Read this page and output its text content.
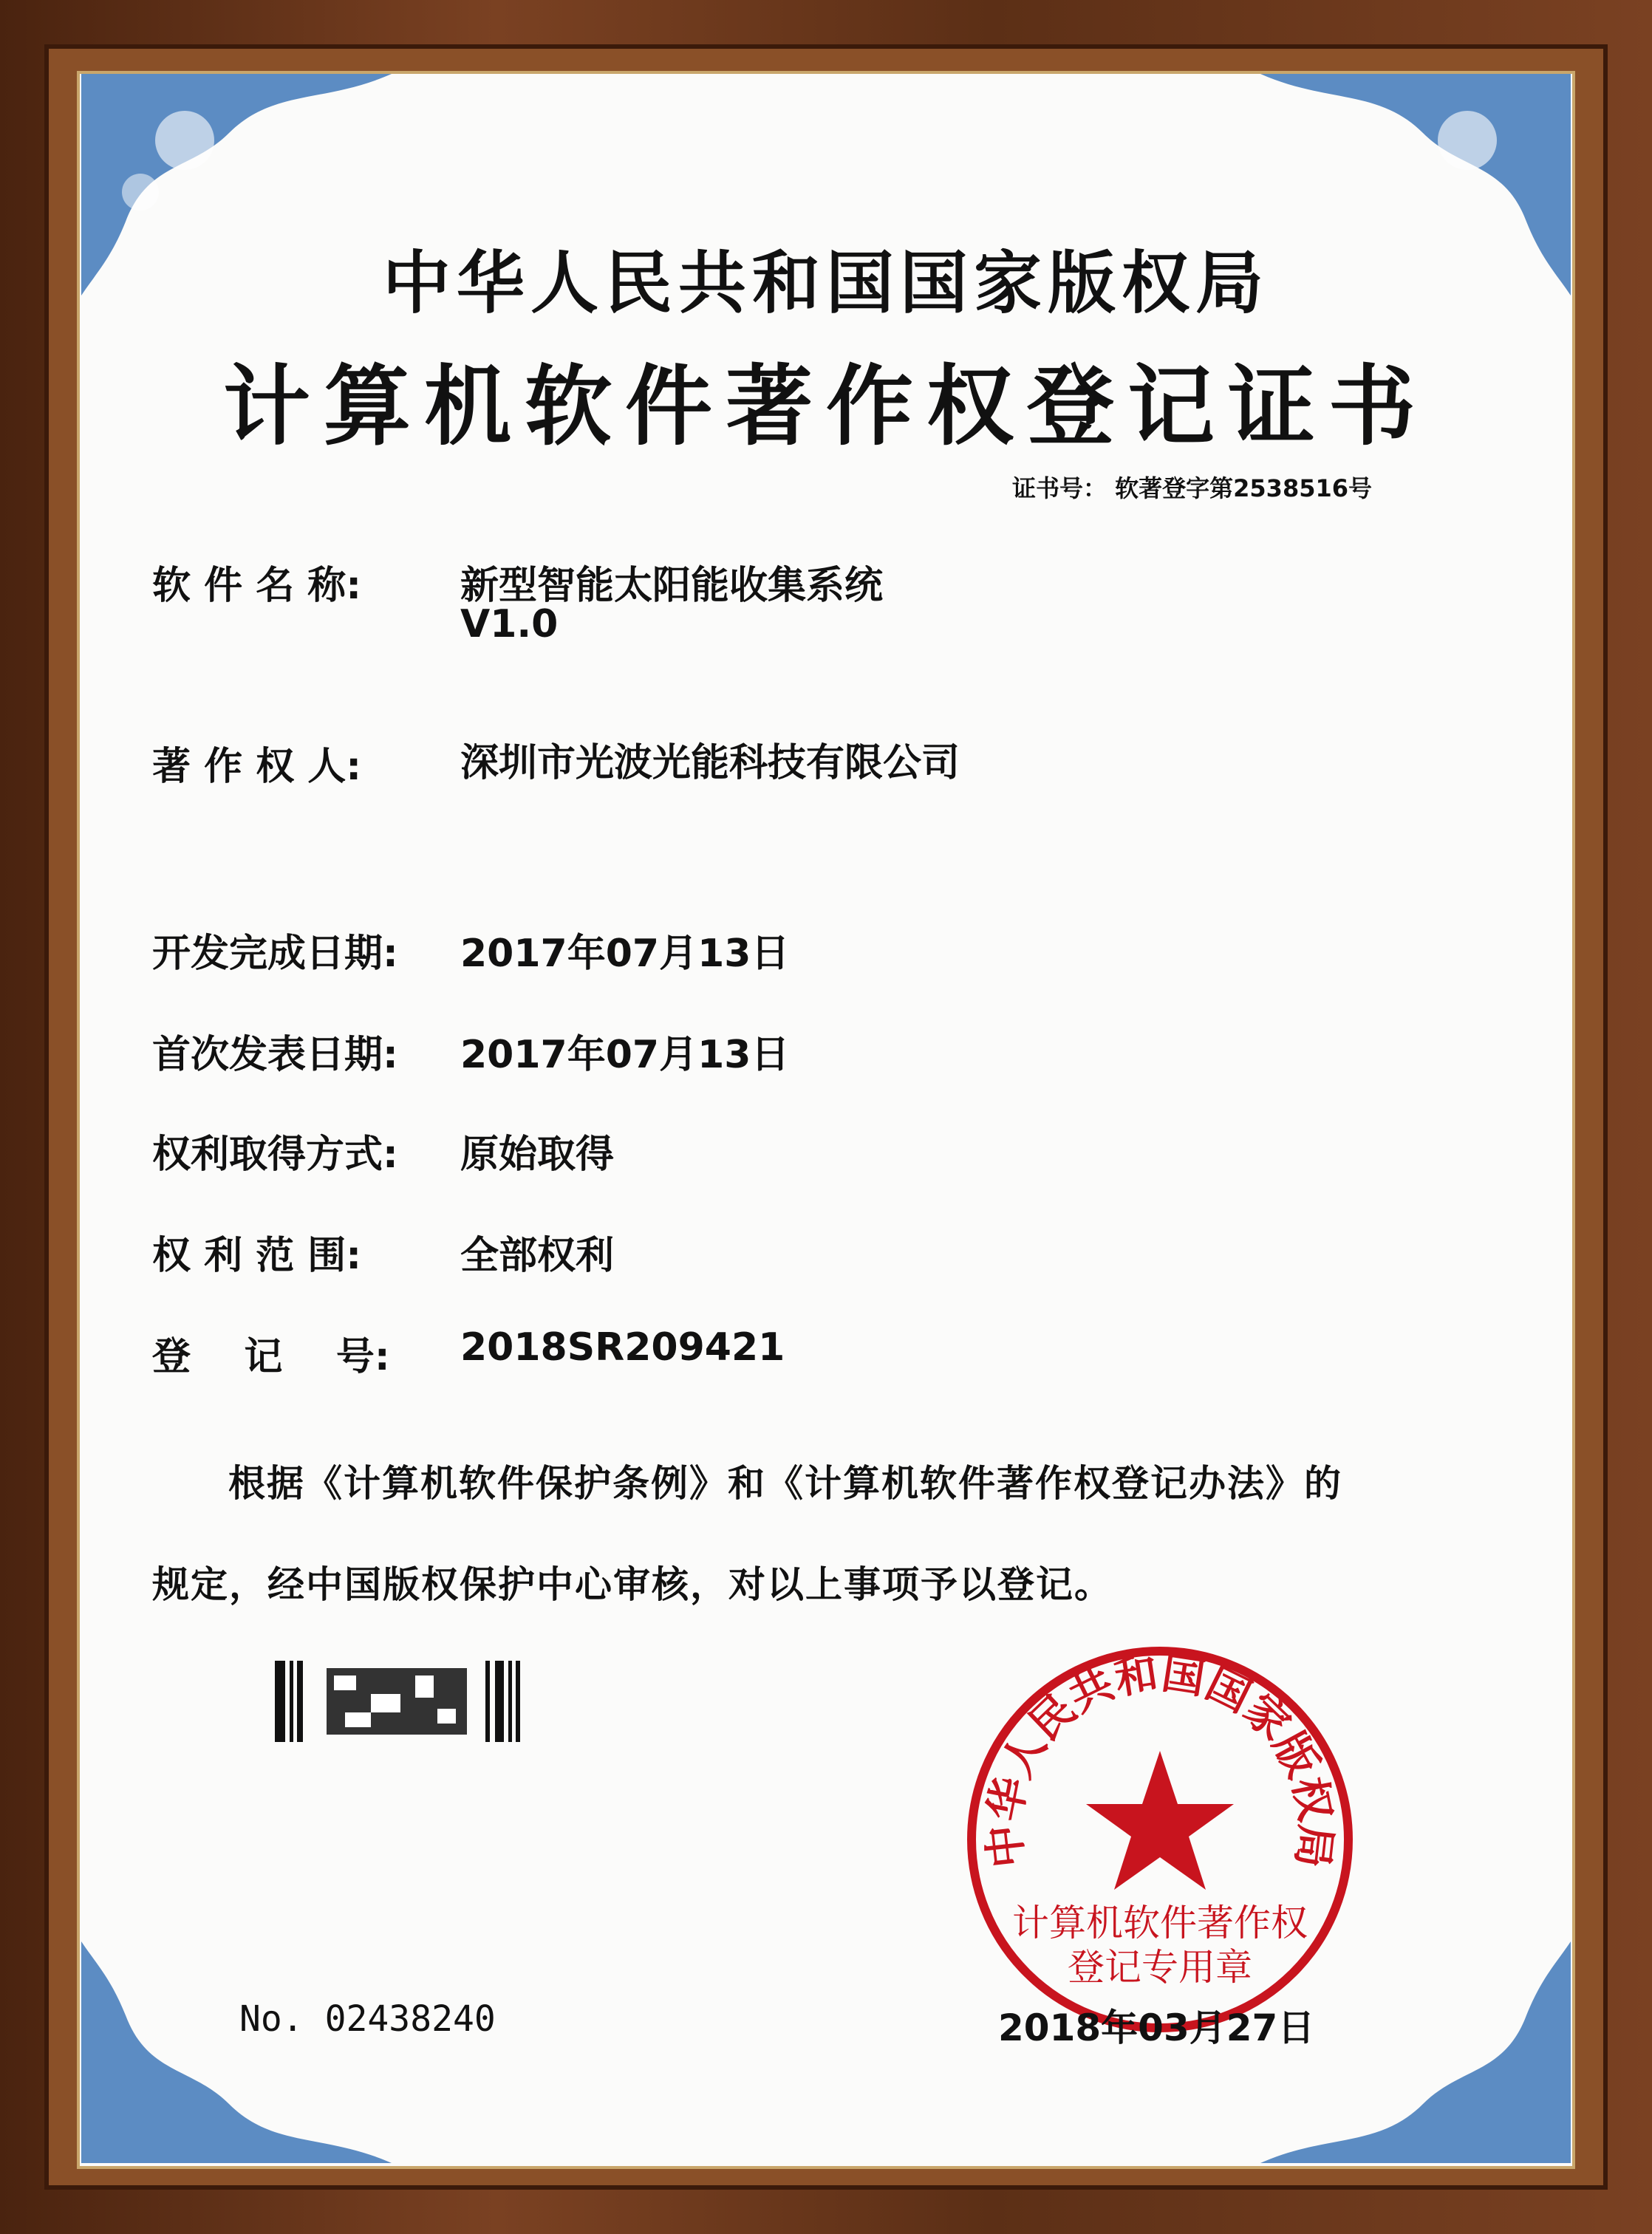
中华人民共和国国家版权局
计算机软件著作权登记证书
证书号： 软著登字第2538516号
软 件 名 称:	新型智能太阳能收集系统
V1.0
著 作 权 人:	深圳市光波光能科技有限公司
开发完成日期: 2017年07月13日
首次发表日期: 2017年07月13日
权利取得方式: 原始取得
权 利 范 围:	全部权利
登    记    号: 2018SR209421
根据《计算机软件保护条例》和《计算机软件著作权登记办法》的
规定，经中国版权保护中心审核，对以上事项予以登记。
中华人民共和国国家版权局
计算机软件著作权
登记专用章
No. 02438240	2018年03月27日
